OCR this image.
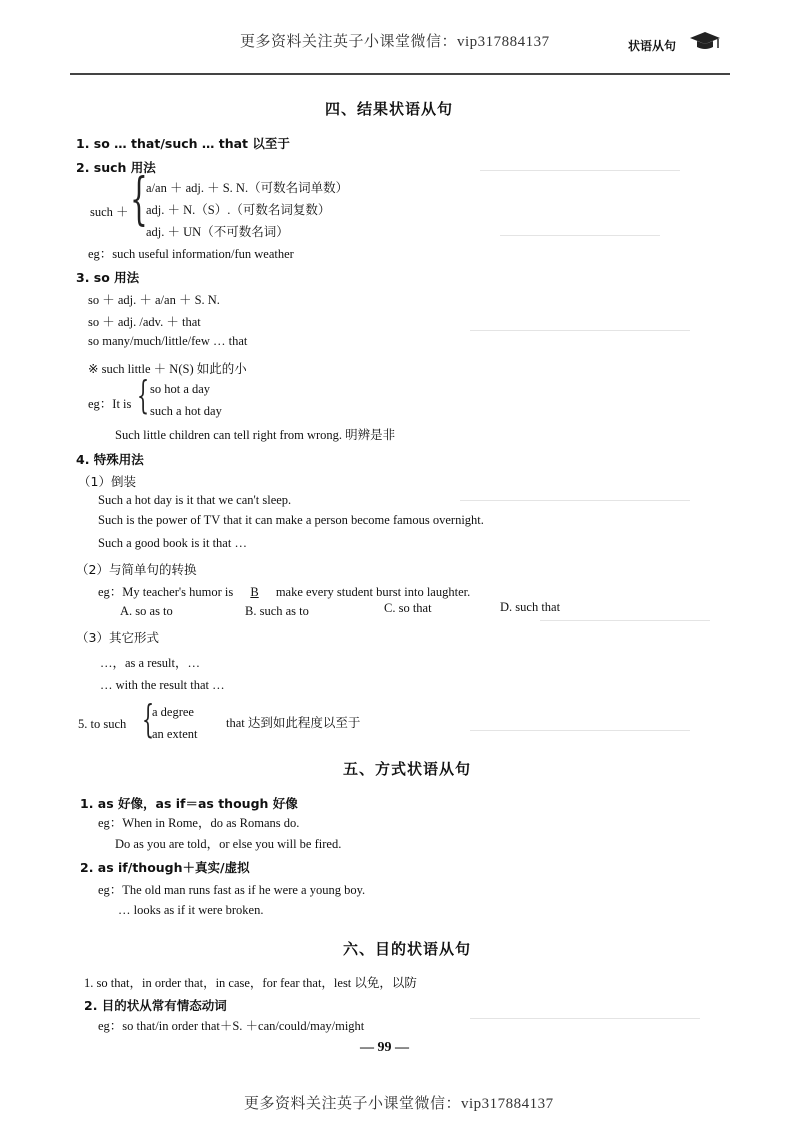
更多资料关注英子小课堂微信：vip317884137	状语从句
四、结果状语从句
1. so … that/such … that 以至于
2. such 用法
such ＋ {
a/an ＋ adj. ＋ S. N.（可数名词单数）
adj. ＋ N.（S）.（可数名词复数）
adj. ＋ UN（不可数名词）
eg：such useful information/fun weather
3. so 用法
so ＋ adj. ＋ a/an ＋ S. N.
so ＋ adj. /adv. ＋ that
so many/much/little/few … that
※ such little ＋ N(S) 如此的小
eg：It is { so hot a day
such a hot day
Such little children can tell right from wrong. 明辨是非
4. 特殊用法
（1）倒装
Such a hot day is it that we can't sleep.
Such is the power of TV that it can make a person become famous overnight.
Such a good book is it that …
（2）与简单句的转换
eg：My teacher's humor is B make every student burst into laughter.
A. so as to	B. such as to	C. so that	D. such that
（3）其它形式
…，as a result，…
… with the result that …
5. to such {
a degree
an extent
that 达到如此程度以至于
五、方式状语从句
1. as 好像，as if＝as though 好像
eg：When in Rome，do as Romans do.
Do as you are told，or else you will be fired.
2. as if/though＋真实/虚拟
eg：The old man runs fast as if he were a young boy.
… looks as if it were broken.
六、目的状语从句
1. so that，in order that，in case，for fear that，lest 以免，以防
2. 目的状从常有情态动词
eg：so that/in order that＋S. ＋can/could/may/might
— 99 —
更多资料关注英子小课堂微信：vip317884137
